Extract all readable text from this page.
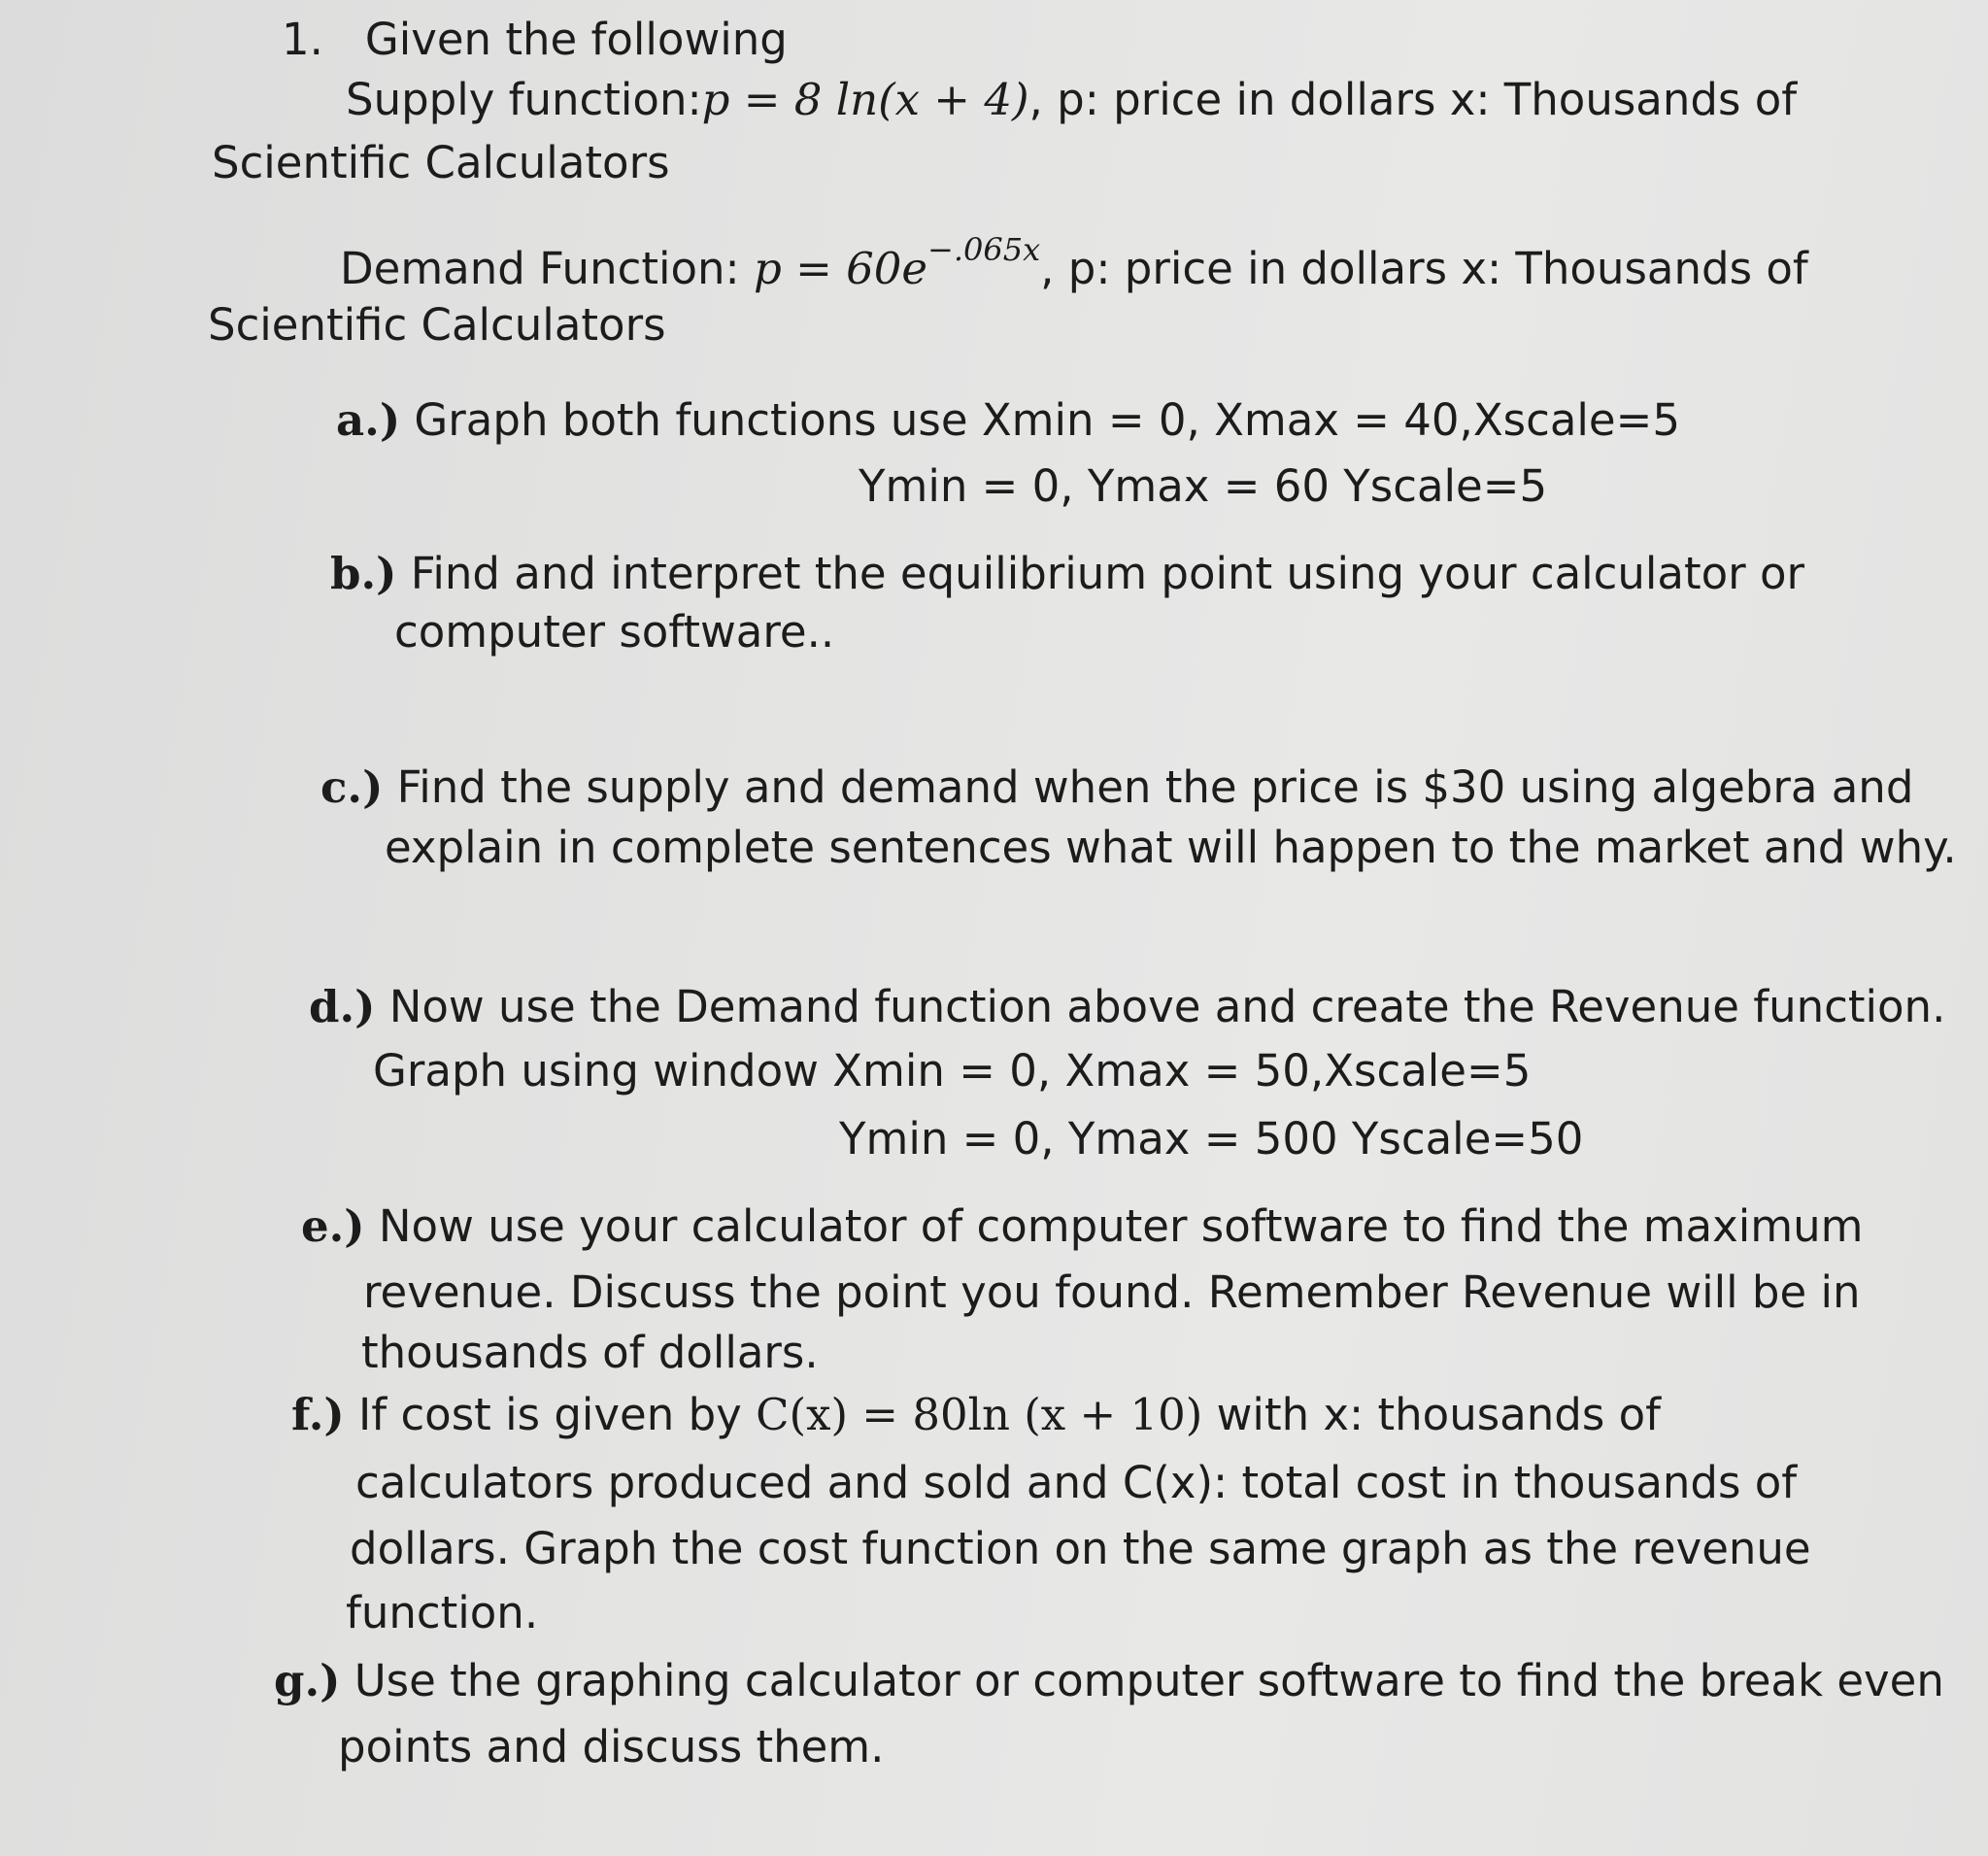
1. Given the following
Supply function:p = 8 ln(x + 4), p: price in dollars x: Thousands of
Scientific Calculators
Demand Function: $p = 60e^{-.065x}$, p: price in dollars x: Thousands of
Scientific Calculators
a.) Graph both functions use Xmin = 0, Xmax = 40,Xscale=5
Ymin = 0, Ymax = 60 Yscale=5
b.) Find and interpret the equilibrium point using your calculator or
computer software..
c.) Find the supply and demand when the price is $30 using algebra and
explain in complete sentences what will happen to the market and why.
d.) Now use the Demand function above and create the Revenue function.
Graph using window Xmin = 0, Xmax = 50,Xscale=5
Ymin = 0, Ymax = 500 Yscale=50
e.) Now use your calculator of computer software to find the maximum
revenue. Discuss the point you found. Remember Revenue will be in
thousands of dollars.
f.) If cost is given by C(x) = 80ln (x + 10) with x: thousands of
calculators produced and sold and C(x): total cost in thousands of
dollars. Graph the cost function on the same graph as the revenue
function.
g.) Use the graphing calculator or computer software to find the break even
points and discuss them.
